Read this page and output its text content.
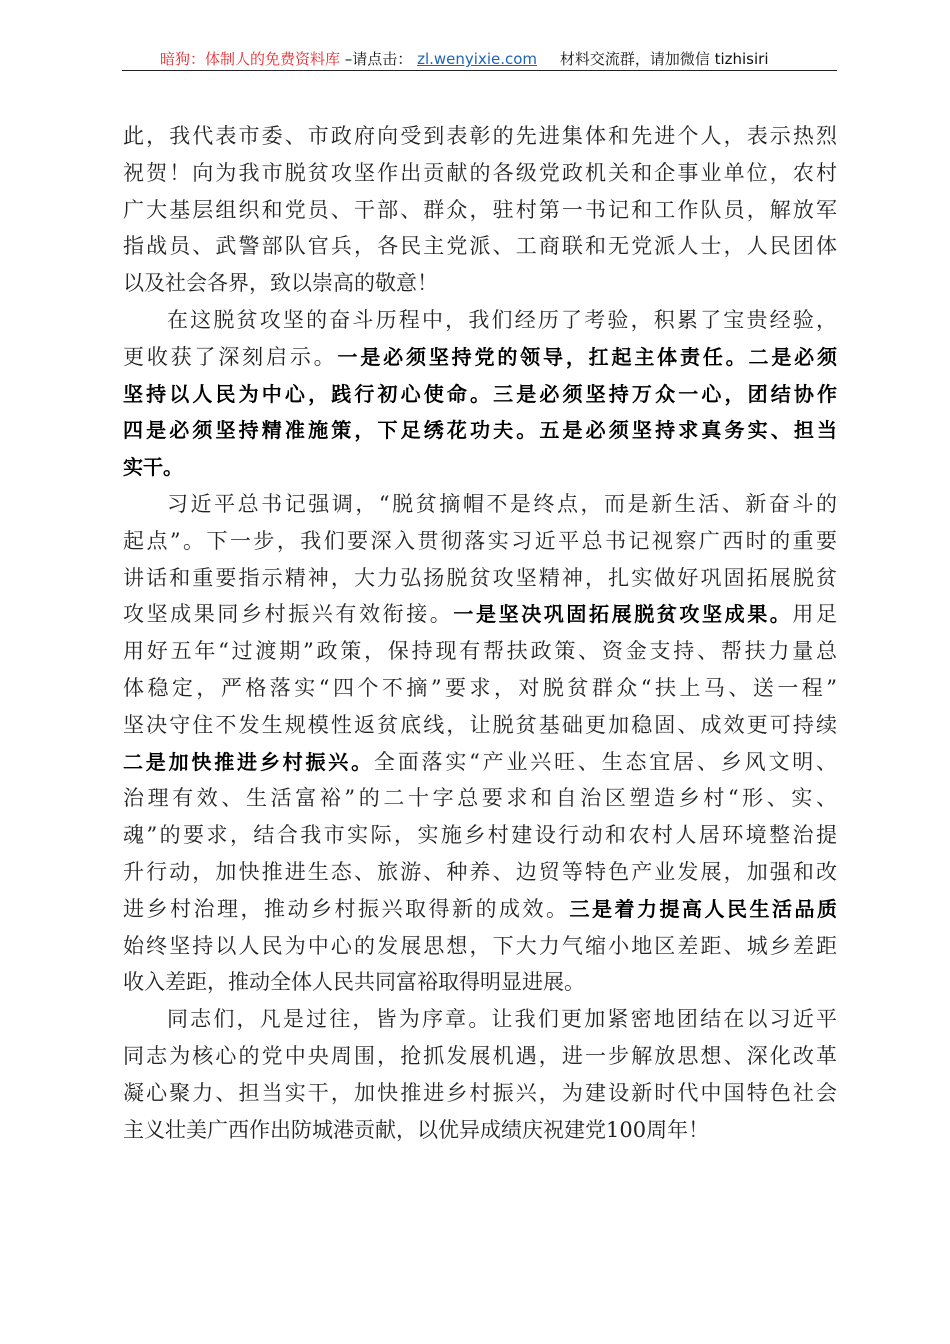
暗狗：体制人的免费资料库 –请点击： zl.wenyixie.com 材料交流群，请加微信 tizhisiri
此，我代表市委、市政府向受到表彰的先进集体和先进个人，表示热烈
祝贺！向为我市脱贫攻坚作出贡献的各级党政机关和企事业单位，农村
广大基层组织和党员、干部、群众，驻村第一书记和工作队员，解放军
指战员、武警部队官兵，各民主党派、工商联和无党派人士，人民团体
以及社会各界，致以崇高的敬意！
在这脱贫攻坚的奋斗历程中，我们经历了考验，积累了宝贵经验，
更收获了深刻启示。一是必须坚持党的领导，扛起主体责任。二是必须
坚持以人民为中心，践行初心使命。三是必须坚持万众一心，团结协作
四是必须坚持精准施策，下足绣花功夫。五是必须坚持求真务实、担当
实干。
习近平总书记强调，“脱贫摘帽不是终点，而是新生活、新奋斗的
起点”。下一步，我们要深入贯彻落实习近平总书记视察广西时的重要
讲话和重要指示精神，大力弘扬脱贫攻坚精神，扎实做好巩固拓展脱贫
攻坚成果同乡村振兴有效衔接。一是坚决巩固拓展脱贫攻坚成果。用足
用好五年“过渡期”政策，保持现有帮扶政策、资金支持、帮扶力量总
体稳定，严格落实“四个不摘”要求，对脱贫群众“扶上马、送一程”
坚决守住不发生规模性返贫底线，让脱贫基础更加稳固、成效更可持续
二是加快推进乡村振兴。全面落实“产业兴旺、生态宜居、乡风文明、
治理有效、生活富裕”的二十字总要求和自治区塑造乡村“形、实、
魂”的要求，结合我市实际，实施乡村建设行动和农村人居环境整治提
升行动，加快推进生态、旅游、种养、边贸等特色产业发展，加强和改
进乡村治理，推动乡村振兴取得新的成效。三是着力提高人民生活品质
始终坚持以人民为中心的发展思想，下大力气缩小地区差距、城乡差距
收入差距，推动全体人民共同富裕取得明显进展。
同志们，凡是过往，皆为序章。让我们更加紧密地团结在以习近平
同志为核心的党中央周围，抢抓发展机遇，进一步解放思想、深化改革
凝心聚力、担当实干，加快推进乡村振兴，为建设新时代中国特色社会
主义壮美广西作出防城港贡献，以优异成绩庆祝建党100周年！
